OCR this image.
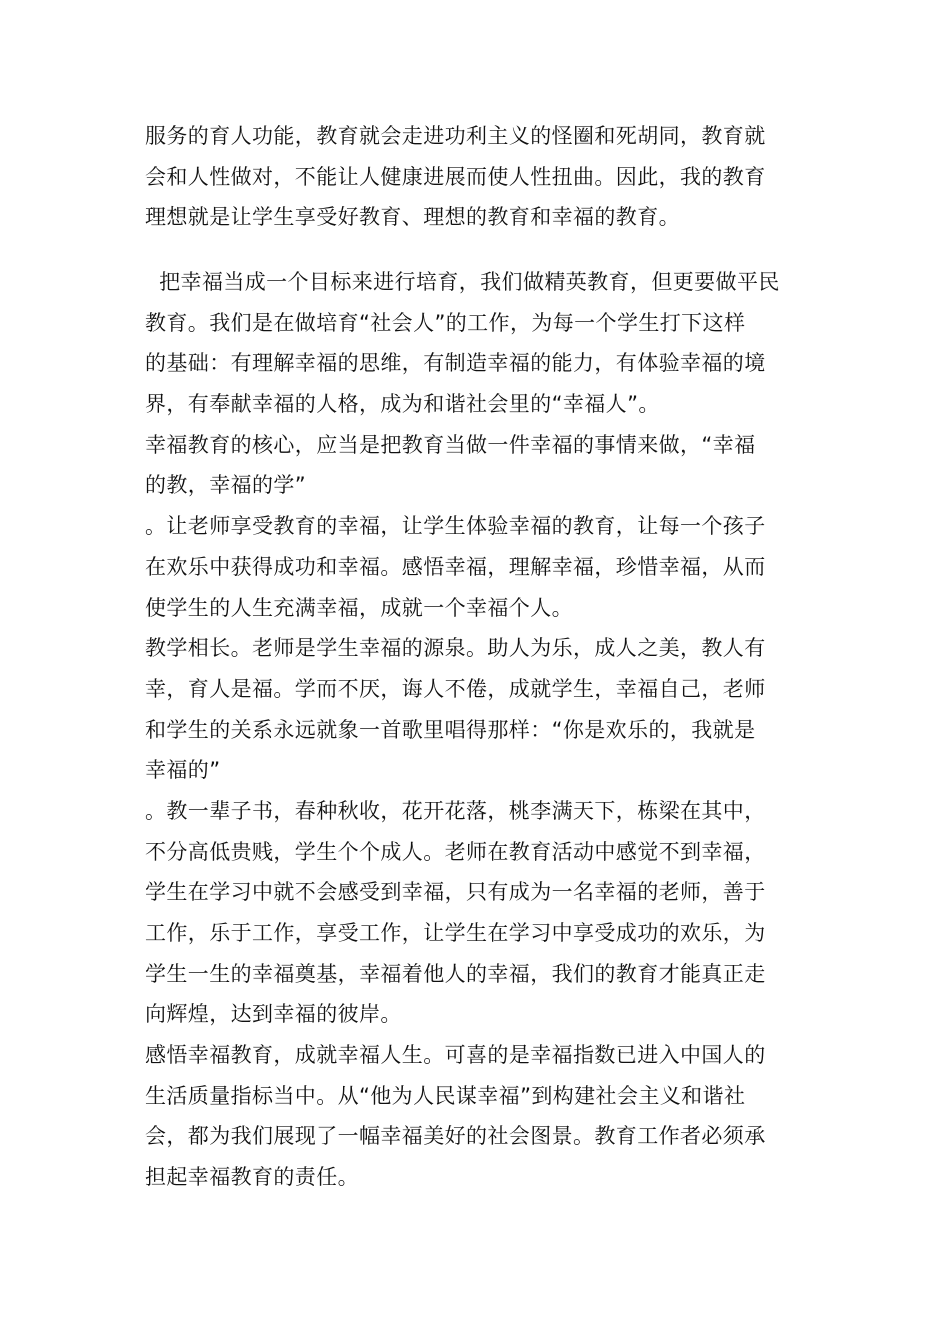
服务的育人功能，教育就会走进功利主义的怪圈和死胡同，教育就
会和人性做对，不能让人健康进展而使人性扭曲。因此，我的教育
理想就是让学生享受好教育、理想的教育和幸福的教育。
把幸福当成一个目标来进行培育，我们做精英教育，但更要做平民
教育。我们是在做培育“社会人”的工作，为每一个学生打下这样
的基础：有理解幸福的思维，有制造幸福的能力，有体验幸福的境
界，有奉献幸福的人格，成为和谐社会里的“幸福人”。
幸福教育的核心，应当是把教育当做一件幸福的事情来做，“幸福
的教，幸福的学”
。让老师享受教育的幸福，让学生体验幸福的教育，让每一个孩子
在欢乐中获得成功和幸福。感悟幸福，理解幸福，珍惜幸福，从而
使学生的人生充满幸福，成就一个幸福个人。
教学相长。老师是学生幸福的源泉。助人为乐，成人之美，教人有
幸，育人是福。学而不厌，诲人不倦，成就学生，幸福自己，老师
和学生的关系永远就象一首歌里唱得那样：“你是欢乐的，我就是
幸福的”
。教一辈子书，春种秋收，花开花落，桃李满天下，栋梁在其中，
不分高低贵贱，学生个个成人。老师在教育活动中感觉不到幸福，
学生在学习中就不会感受到幸福，只有成为一名幸福的老师，善于
工作，乐于工作，享受工作，让学生在学习中享受成功的欢乐，为
学生一生的幸福奠基，幸福着他人的幸福，我们的教育才能真正走
向辉煌，达到幸福的彼岸。
感悟幸福教育，成就幸福人生。可喜的是幸福指数已进入中国人的
生活质量指标当中。从“他为人民谋幸福”到构建社会主义和谐社
会，都为我们展现了一幅幸福美好的社会图景。教育工作者必须承
担起幸福教育的责任。
